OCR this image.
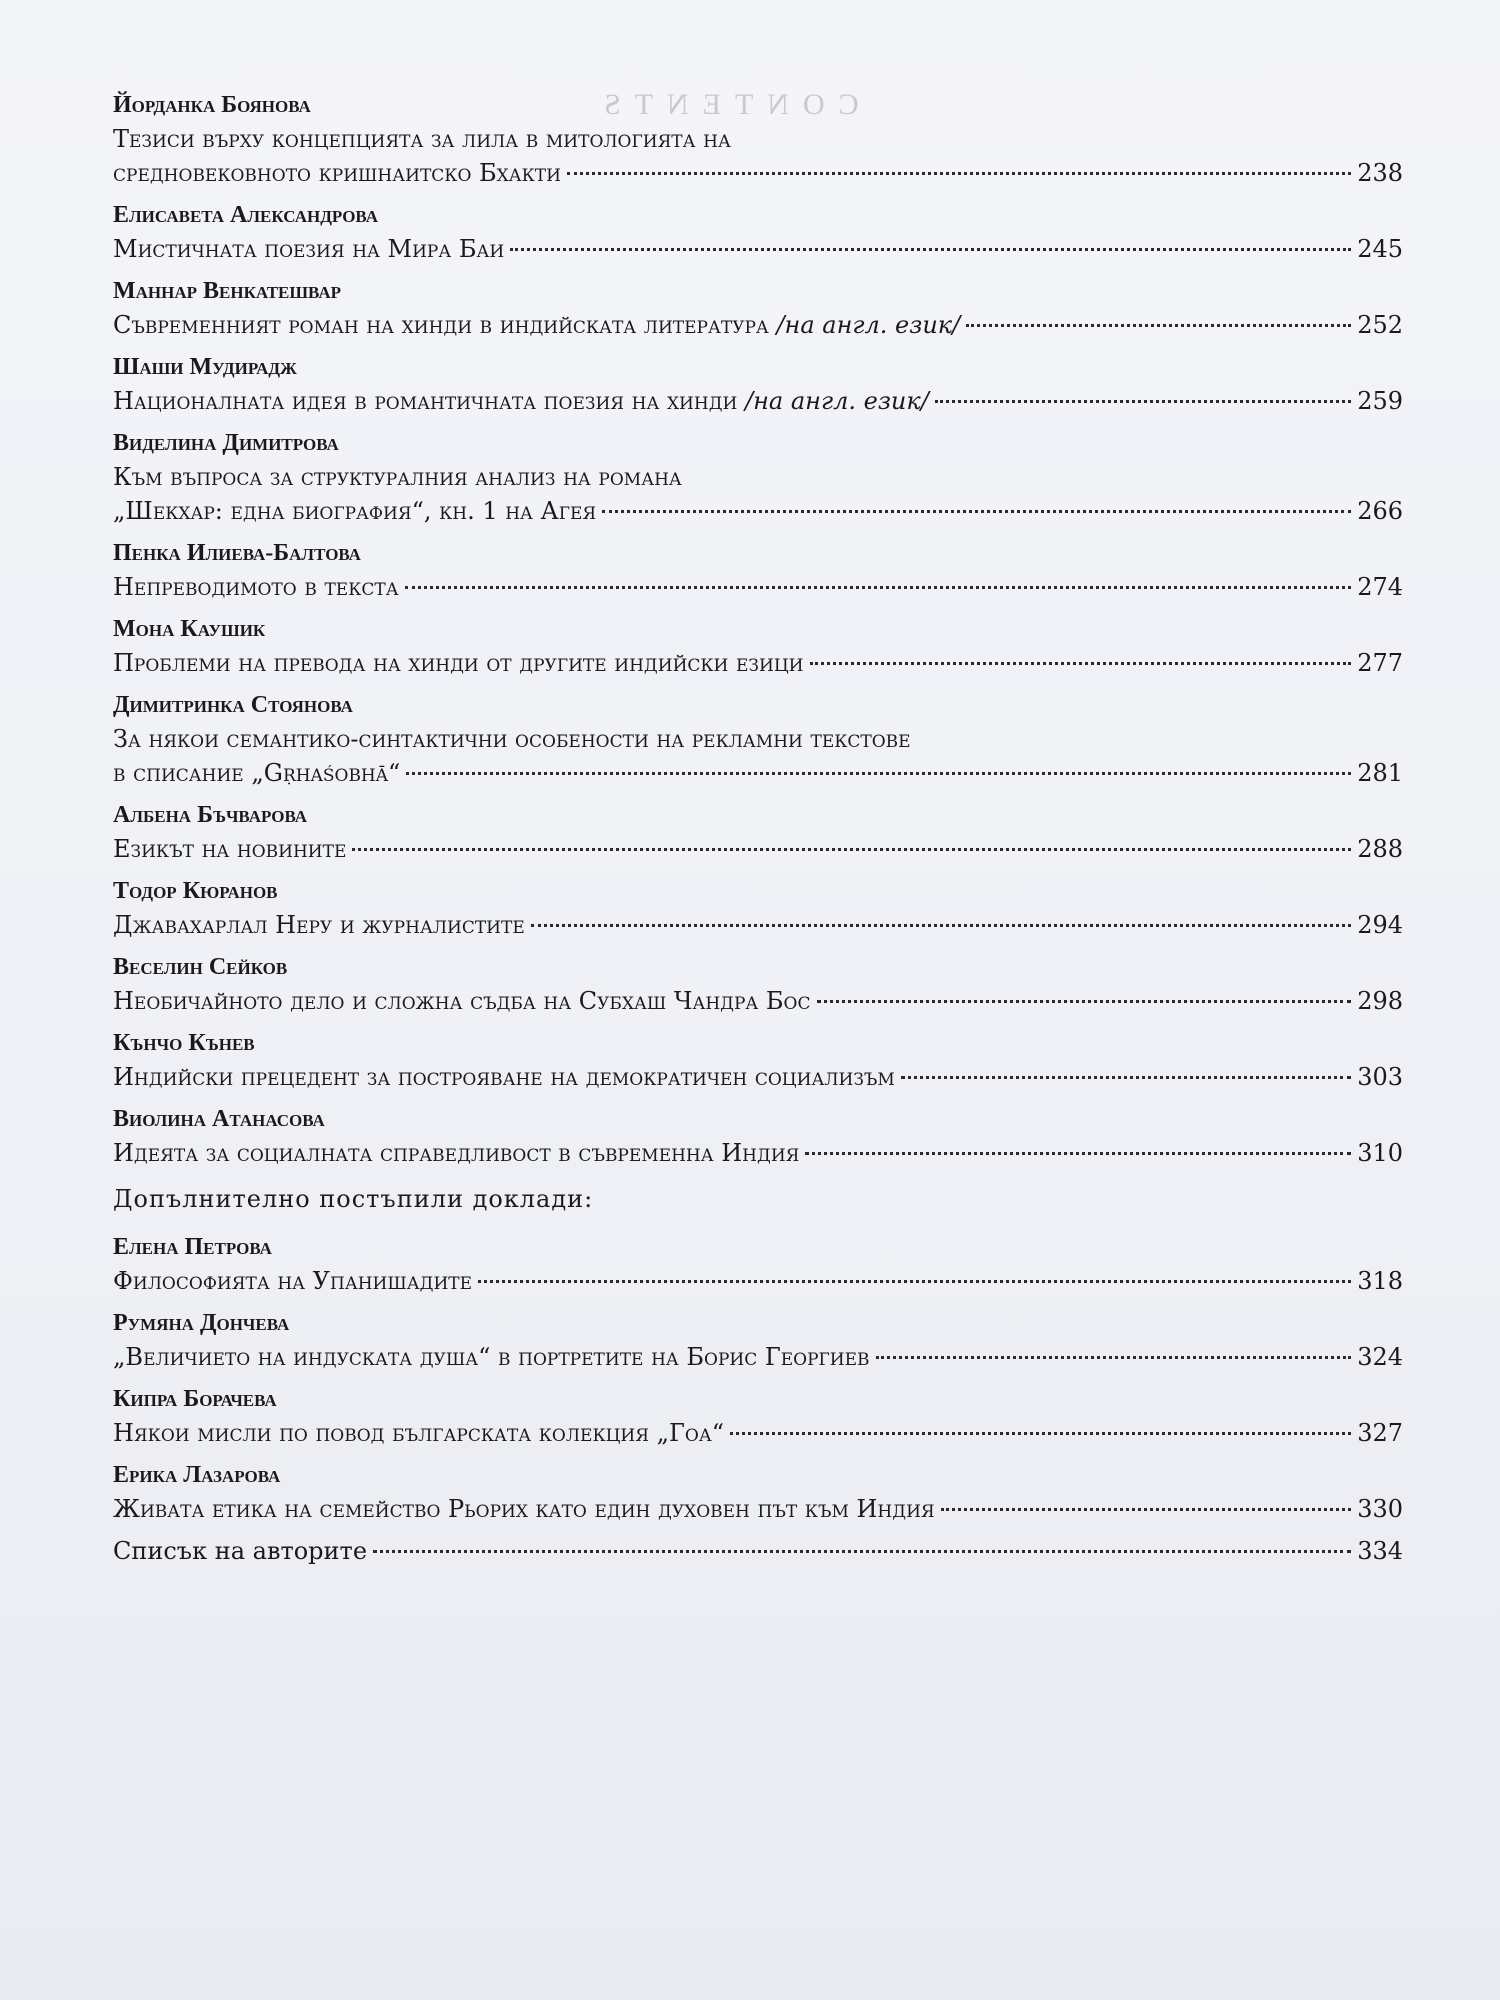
CONTENTS
Йорданка Боянова
Тезиси върху концепцията за лила в митологията на
средновековното кришнаитско Бхакти	238
Елисавета Александрова
Мистичната поезия на Мира Баи	245
Маннар Венкатешвар
Съвременният роман на хинди в индийската литература /на англ. език/	252
Шаши Мудирадж
Националната идея в романтичната поезия на хинди /на англ. език/	259
Виделина Димитрова
Към въпроса за структуралния анализ на романа
„Шекхар: една биография“, кн. 1 на Агея	266
Пенка Илиева-Балтова
Непреводимото в текста	274
Мона Каушик
Проблеми на превода на хинди от другите индийски езици	277
Димитринка Стоянова
За някои семантико-синтактични особености на рекламни текстове
в списание „Gṛhaśobhā“	281
Албена Бъчварова
Езикът на новините	288
Тодор Кюранов
Джавахарлал Неру и журналистите	294
Веселин Сейков
Необичайното дело и сложна съдба на Субхаш Чандра Бос	298
Кънчо Кънев
Индийски прецедент за построяване на демократичен социализъм	303
Виолина Атанасова
Идеята за социалната справедливост в съвременна Индия	310
Допълнително постъпили доклади:
Елена Петрова
Философията на Упанишадите	318
Румяна Дончева
„Величието на индуската душа“ в портретите на Борис Георгиев	324
Кипра Борачева
Някои мисли по повод българската колекция „Гоа“	327
Ерика Лазарова
Живата етика на семейство Рьорих като един духовен път към Индия	330
Списък на авторите	334
